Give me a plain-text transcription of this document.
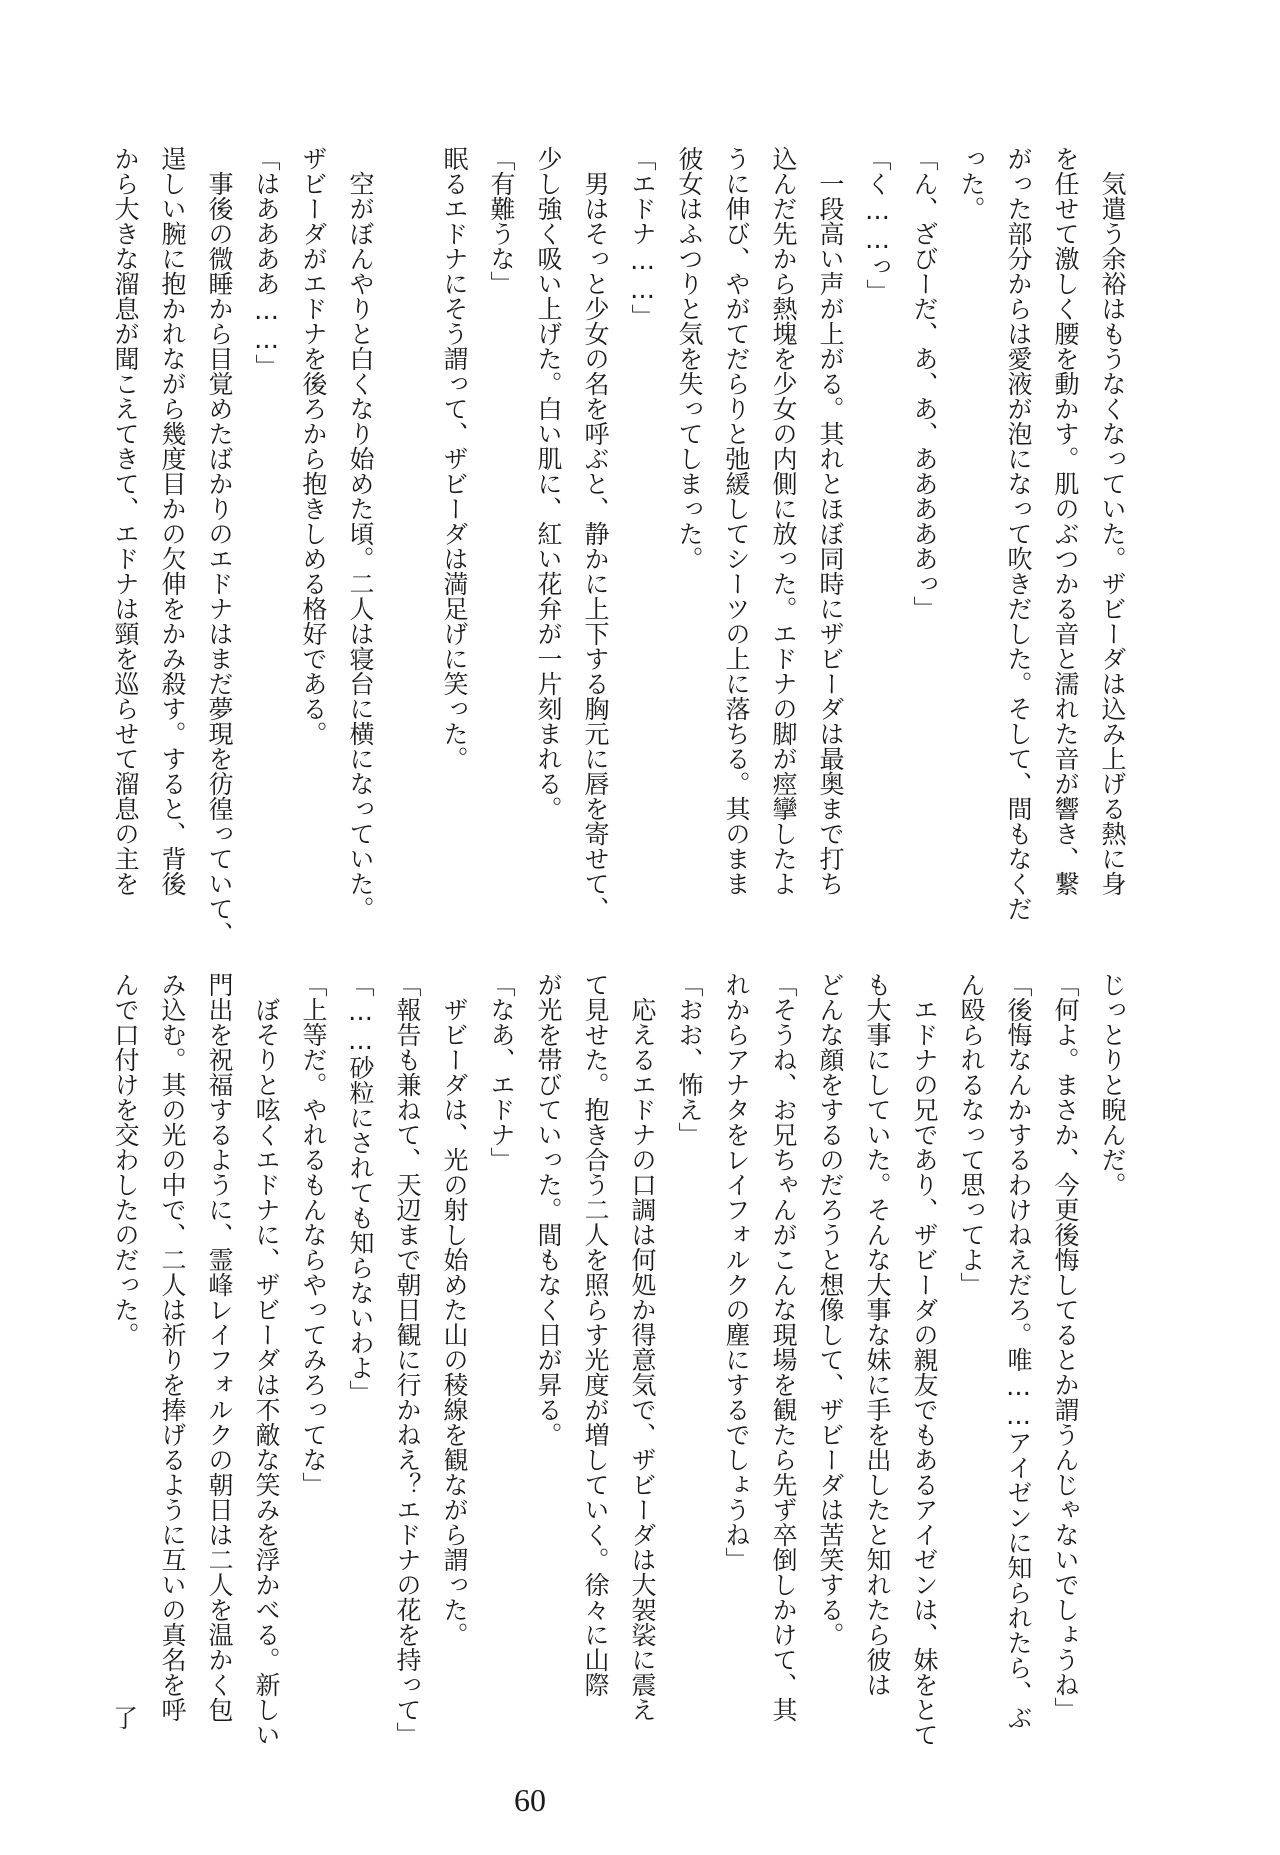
　気遣う余裕はもうなくなっていた。ザビーダは込み上げる熱に身
を任せて激しく腰を動かす。肌のぶつかる音と濡れた音が響き、繋
がった部分からは愛液が泡になって吹きだした。そして、間もなくだ
った。
「ん、ざびーだ、あ、あ、あああああっ」
「く……っ」
　一段高い声が上がる。其れとほぼ同時にザビーダは最奥まで打ち
込んだ先から熱塊を少女の内側に放った。エドナの脚が痙攣したよ
うに伸び、やがてだらりと弛緩してシーツの上に落ちる。其のまま
彼女はふつりと気を失ってしまった。
「エドナ……」
　男はそっと少女の名を呼ぶと、静かに上下する胸元に唇を寄せて、
少し強く吸い上げた。白い肌に、紅い花弁が一片刻まれる。
「有難うな」
眠るエドナにそう謂って、ザビーダは満足げに笑った。
　空がぼんやりと白くなり始めた頃。二人は寝台に横になっていた。
ザビーダがエドナを後ろから抱きしめる格好である。
「はああああ……」
　事後の微睡から目覚めたばかりのエドナはまだ夢現を彷徨っていて、
逞しい腕に抱かれながら幾度目かの欠伸をかみ殺す。すると、背後
から大きな溜息が聞こえてきて、エドナは頸を巡らせて溜息の主を
じっとりと睨んだ。
「何よ。まさか、今更後悔してるとか謂うんじゃないでしょうね」
「後悔なんかするわけねえだろ。唯……アイゼンに知られたら、ぶ
ん殴られるなって思ってよ」
　エドナの兄であり、ザビーダの親友でもあるアイゼンは、妹をとて
も大事にしていた。そんな大事な妹に手を出したと知れたら彼は
どんな顔をするのだろうと想像して、ザビーダは苦笑する。
「そうね、お兄ちゃんがこんな現場を観たら先ず卒倒しかけて、其
れからアナタをレイフォルクの塵にするでしょうね」
「おお、怖え」
　応えるエドナの口調は何処か得意気で、ザビーダは大袈裟に震え
て見せた。抱き合う二人を照らす光度が増していく。徐々に山際
が光を帯びていった。間もなく日が昇る。
「なあ、エドナ」
　ザビーダは、光の射し始めた山の稜線を観ながら謂った。
「報告も兼ねて、天辺まで朝日観に行かねえ？エドナの花を持って」
「……砂粒にされても知らないわよ」
「上等だ。やれるもんならやってみろってな」
　ぼそりと呟くエドナに、ザビーダは不敵な笑みを浮かべる。新しい
門出を祝福するように、霊峰レイフォルクの朝日は二人を温かく包
み込む。其の光の中で、二人は祈りを捧げるように互いの真名を呼
んで口付けを交わしたのだった。
了
60
